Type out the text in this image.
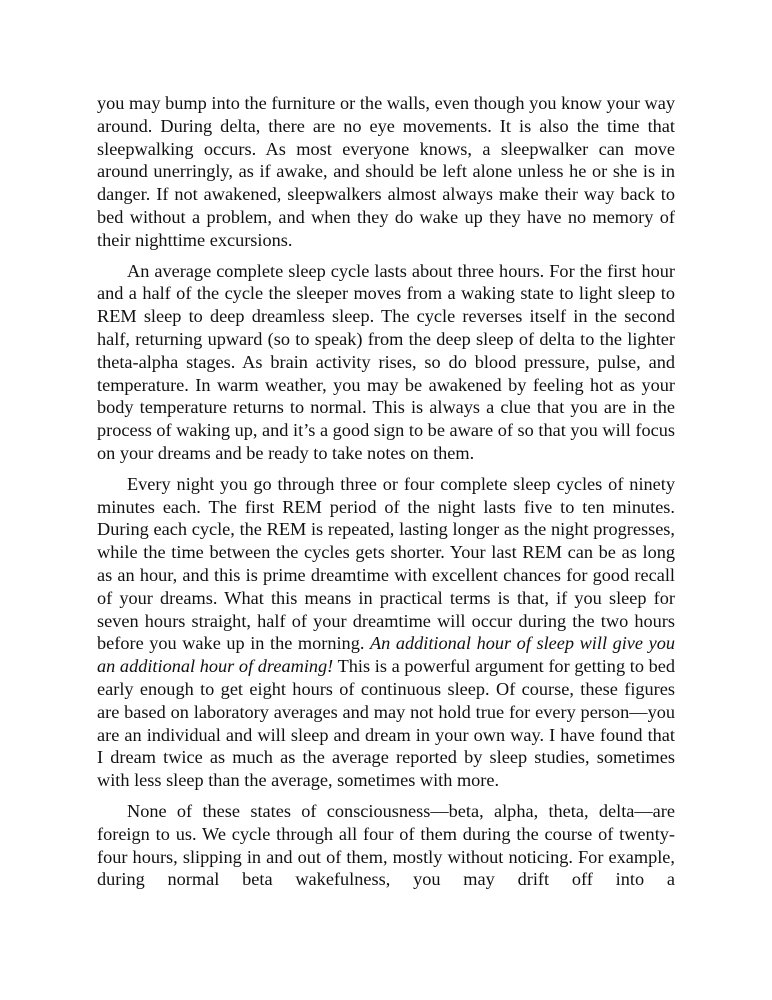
you may bump into the furniture or the walls, even though you know your way around. During delta, there are no eye movements. It is also the time that sleepwalking occurs. As most everyone knows, a sleepwalker can move around unerringly, as if awake, and should be left alone unless he or she is in danger. If not awakened, sleepwalkers almost always make their way back to bed without a problem, and when they do wake up they have no memory of their nighttime excursions.

An average complete sleep cycle lasts about three hours. For the first hour and a half of the cycle the sleeper moves from a waking state to light sleep to REM sleep to deep dreamless sleep. The cycle reverses itself in the second half, returning upward (so to speak) from the deep sleep of delta to the lighter theta-alpha stages. As brain activity rises, so do blood pressure, pulse, and temperature. In warm weather, you may be awakened by feeling hot as your body temperature returns to normal. This is always a clue that you are in the process of waking up, and it’s a good sign to be aware of so that you will focus on your dreams and be ready to take notes on them.

Every night you go through three or four complete sleep cycles of ninety minutes each. The first REM period of the night lasts five to ten minutes. During each cycle, the REM is repeated, lasting longer as the night progresses, while the time between the cycles gets shorter. Your last REM can be as long as an hour, and this is prime dreamtime with excellent chances for good recall of your dreams. What this means in practical terms is that, if you sleep for seven hours straight, half of your dreamtime will occur during the two hours before you wake up in the morning. An additional hour of sleep will give you an additional hour of dreaming! This is a powerful argument for getting to bed early enough to get eight hours of continuous sleep. Of course, these figures are based on laboratory averages and may not hold true for every person—you are an individual and will sleep and dream in your own way. I have found that I dream twice as much as the average reported by sleep studies, sometimes with less sleep than the average, sometimes with more.

None of these states of consciousness—beta, alpha, theta, delta—are foreign to us. We cycle through all four of them during the course of twenty-four hours, slipping in and out of them, mostly without noticing. For example, during normal beta wakefulness, you may drift off into a
